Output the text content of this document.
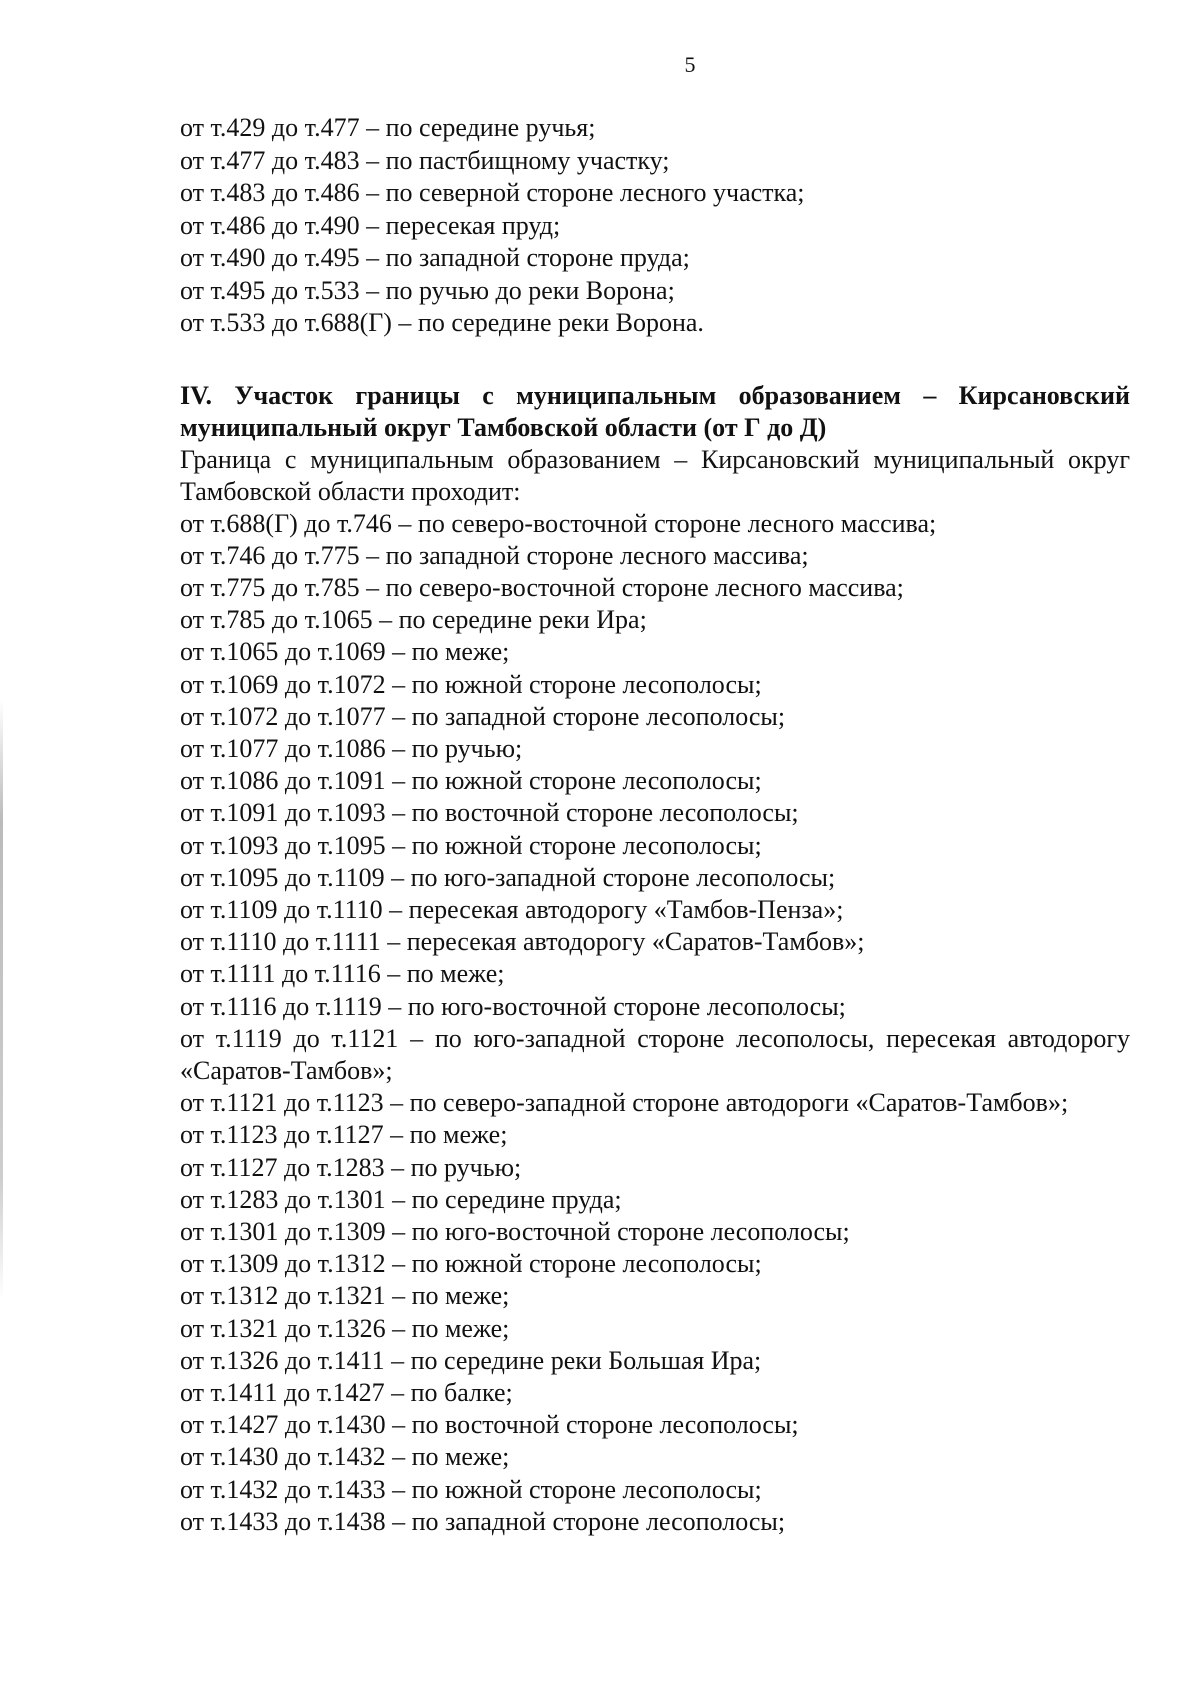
5

от т.429 до т.477 – по середине ручья;

от т.477 до т.483 – по пастбищному участку;

от т.483 до т.486 – по северной стороне лесного участка;

от т.486 до т.490 – пересекая пруд;

от т.490 до т.495 – по западной стороне пруда;

от т.495 до т.533 – по ручью до реки Ворона;

от т.533 до т.688(Г) – по середине реки Ворона.

IV. Участок границы с муниципальным образованием – Кирсановский муниципальный округ Тамбовской области (от Г до Д)
Граница с муниципальным образованием – Кирсановский муниципальный округ Тамбовской области проходит:

от т.688(Г) до т.746 – по северо-восточной стороне лесного массива;

от т.746 до т.775 – по западной стороне лесного массива;

от т.775 до т.785 – по северо-восточной стороне лесного массива;

от т.785 до т.1065 – по середине реки Ира;

от т.1065 до т.1069 – по меже;

от т.1069 до т.1072 – по южной стороне лесополосы;

от т.1072 до т.1077 – по западной стороне лесополосы;

от т.1077 до т.1086 – по ручью;

от т.1086 до т.1091 – по южной стороне лесополосы;

от т.1091 до т.1093 – по восточной стороне лесополосы;

от т.1093 до т.1095 – по южной стороне лесополосы;

от т.1095 до т.1109 – по юго-западной стороне лесополосы;

от т.1109 до т.1110 – пересекая автодорогу «Тамбов-Пенза»;

от т.1110 до т.1111 – пересекая автодорогу «Саратов-Тамбов»;

от т.1111 до т.1116 – по меже;

от т.1116 до т.1119 – по юго-восточной стороне лесополосы;

от т.1119 до т.1121 – по юго-западной стороне лесополосы, пересекая автодорогу «Саратов-Тамбов»;

от т.1121 до т.1123 – по северо-западной стороне автодороги «Саратов-Тамбов»;

от т.1123 до т.1127 – по меже;

от т.1127 до т.1283 – по ручью;

от т.1283 до т.1301 – по середине пруда;

от т.1301 до т.1309 – по юго-восточной стороне лесополосы;

от т.1309 до т.1312 – по южной стороне лесополосы;

от т.1312 до т.1321 – по меже;

от т.1321 до т.1326 – по меже;

от т.1326 до т.1411 – по середине реки Большая Ира;

от т.1411 до т.1427 – по балке;

от т.1427 до т.1430 – по восточной стороне лесополосы;

от т.1430 до т.1432 – по меже;

от т.1432 до т.1433 – по южной стороне лесополосы;

от т.1433 до т.1438 – по западной стороне лесополосы;
